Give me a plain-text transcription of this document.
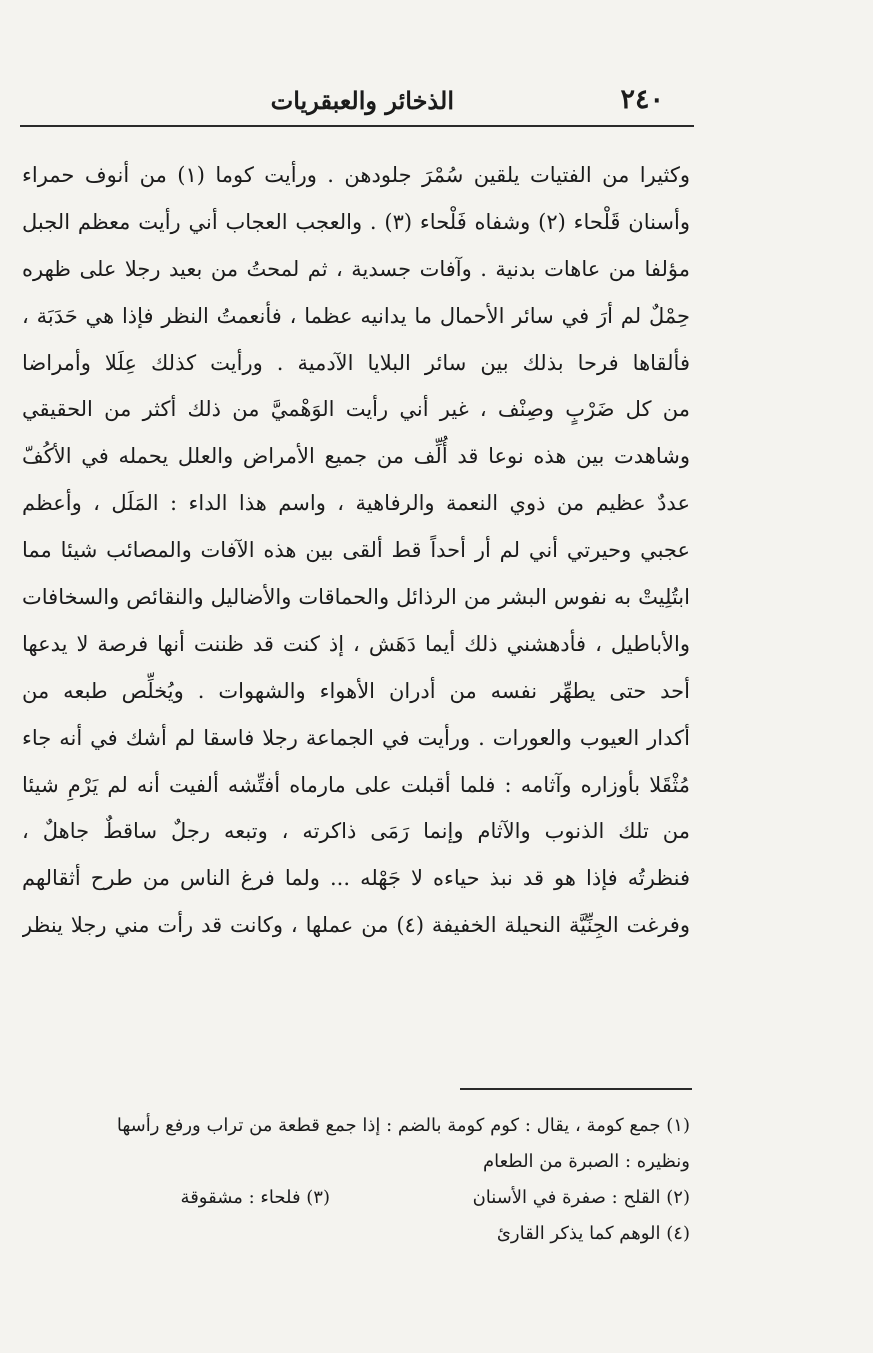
٢٤٠
الذخائر والعبقريات
وكثيرا من الفتيات يلقين سُمْرَ جلودهن . ورأيت كوما (١) من أنوف حمراء
وأسنان قَلْحاء (٢) وشفاه فَلْحاء (٣) . والعجب العجاب أني رأيت معظم الجبل
مؤلفا من عاهات بدنية . وآفات جسدية ، ثم لمحتُ من بعيد رجلا على ظهره
حِمْلٌ لم أرَ في سائر الأحمال ما يدانيه عظما ، فأنعمتُ النظر فإذا هي حَدَبَة ،
فألقاها فرحا بذلك بين سائر البلايا الآدمية . ورأيت كذلك عِلَلا وأمراضا
من كل ضَرْبٍ وصِنْف ، غير أني رأيت الوَهْميَّ من ذلك أكثر من الحقيقي
وشاهدت بين هذه نوعا قد أُلِّف من جميع الأمراض والعلل يحمله في الأكُفّ
عددٌ عظيم من ذوي النعمة والرفاهية ، واسم هذا الداء : المَلَل ، وأعظم
عجبي وحيرتي أني لم أر أحداً قط ألقى بين هذه الآفات والمصائب شيئا مما
ابتُلِيتْ به نفوس البشر من الرذائل والحماقات والأضاليل والنقائص والسخافات
والأباطيل ، فأدهشني ذلك أيما دَهَش ، إذ كنت قد ظننت أنها فرصة لا يدعها
أحد حتى يطهِّر نفسه من أدران الأهواء والشهوات . ويُخلِّص طبعه من
أكدار العيوب والعورات . ورأيت في الجماعة رجلا فاسقا لم أشك في أنه جاء
مُثْقَلا بأوزاره وآثامه : فلما أقبلت على مارماه أفتِّشه ألفيت أنه لم يَرْمِ شيئا
من تلك الذنوب والآثام وإنما رَمَى ذاكرته ، وتبعه رجلٌ ساقطٌ جاهلٌ ،
فنظرتُه فإذا هو قد نبذ حياءه لا جَهْله ... ولما فرغ الناس من طرح أثقالهم
وفرغت الجِنِّيَّة النحيلة الخفيفة (٤) من عملها ، وكانت قد رأت مني رجلا ينظر
(١) جمع كومة ، يقال : كوم كومة بالضم : إذا جمع قطعة من تراب ورفع رأسها
ونظيره : الصبرة من الطعام
(٢) القلح : صفرة في الأسنان
(٣) فلحاء : مشقوقة
(٤) الوهم كما يذكر القارئ
